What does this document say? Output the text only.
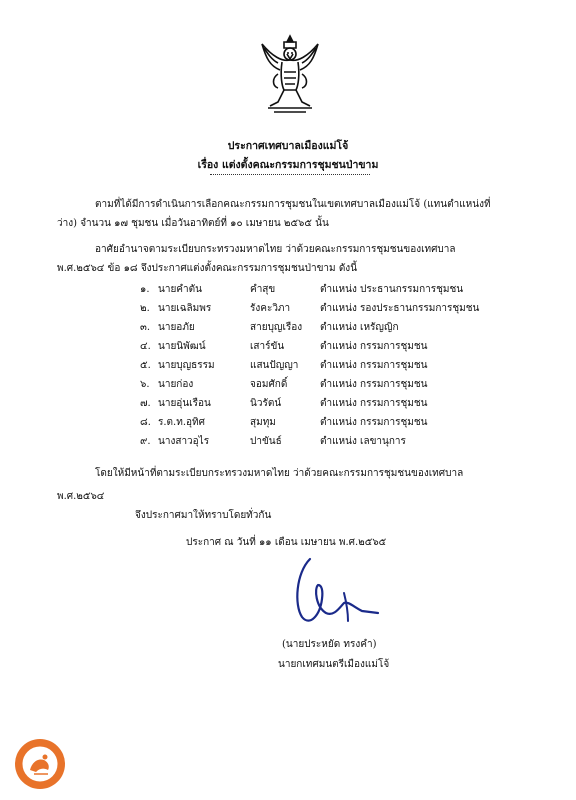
ประกาศเทศบาลเมืองแม่โจ้
เรื่อง แต่งตั้งคณะกรรมการชุมชนป่าขาม
ตามที่ได้มีการดำเนินการเลือกคณะกรรมการชุมชนในเขตเทศบาลเมืองแม่โจ้ (แทนตำแหน่งที่
ว่าง) จำนวน ๑๗ ชุมชน เมื่อวันอาทิตย์ที่ ๑๐ เมษายน ๒๕๖๕ นั้น
อาศัยอำนาจตามระเบียบกระทรวงมหาดไทย ว่าด้วยคณะกรรมการชุมชนของเทศบาล
พ.ศ.๒๕๖๔ ข้อ ๑๘ จึงประกาศแต่งตั้งคณะกรรมการชุมชนป่าขาม ดังนี้
๑. นายคำตัน	คำสุข	ตำแหน่ง ประธานกรรมการชุมชน
๒. นายเฉลิมพร	รังคะวิภา	ตำแหน่ง รองประธานกรรมการชุมชน
๓. นายอภัย	สายบุญเรือง ตำแหน่ง เหรัญญิก
๔. นายนิพัฒน์	เสาร์ขัน	ตำแหน่ง กรรมการชุมชน
๕. นายบุญธรรม	แสนปัญญา ตำแหน่ง กรรมการชุมชน
๖. นายก่อง	จอมศักดิ์	ตำแหน่ง กรรมการชุมชน
๗. นายอุ่นเรือน	นิวรัตน์	ตำแหน่ง กรรมการชุมชน
๘. ร.ต.ท.อุทิศ	สุมทุม	ตำแหน่ง กรรมการชุมชน
๙. นางสาวอุไร	ปาขันธ์	ตำแหน่ง เลขานุการ
โดยให้มีหน้าที่ตามระเบียบกระทรวงมหาดไทย ว่าด้วยคณะกรรมการชุมชนของเทศบาล
พ.ศ.๒๕๖๔
จึงประกาศมาให้ทราบโดยทั่วกัน
ประกาศ ณ วันที่ ๑๑ เดือน เมษายน พ.ศ.๒๕๖๕
(นายประหยัด ทรงคำ)
นายกเทศมนตรีเมืองแม่โจ้
